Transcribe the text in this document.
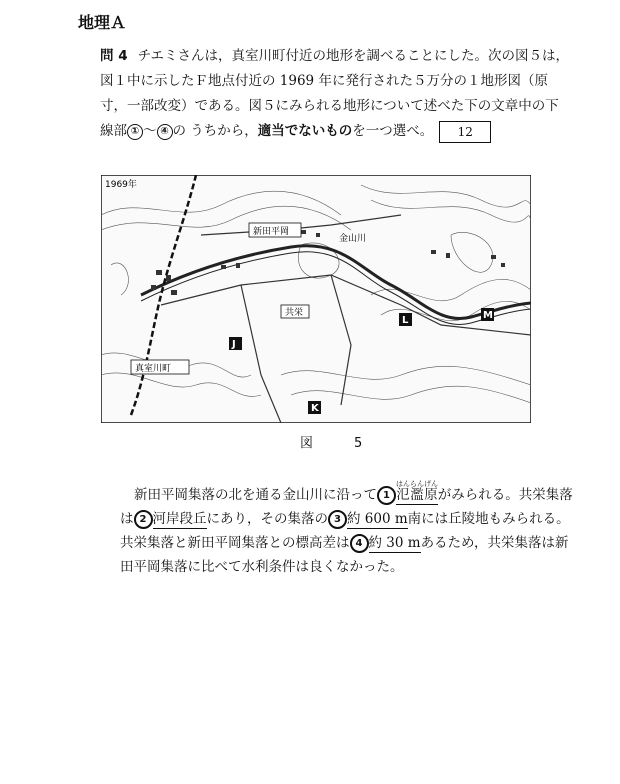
地理Ａ
問 4 チエミさんは，真室川町付近の地形を調べることにした。次の図５は，図１中に示したＦ地点付近の 1969 年に発行された５万分の１地形図（原寸，一部改変）である。図５にみられる地形について述べた下の文章中の下線部 ① ～ ④ の うちから，適当でないものを一つ選べ。 12
1969年
新田平岡
共栄
真室川町
金山川
J
K
L	M
図　5
新田平岡集落の北を通る金山川に沿って 1 氾濫原はんらんげんがみられる。共栄集落は 2 河岸段丘にあり，その集落の 3 約 600 m南には丘陵地もみられる。共栄集落と新田平岡集落との標高差は 4 約 30 mあるため，共栄集落は新田平岡集落に比べて水利条件は良くなかった。
